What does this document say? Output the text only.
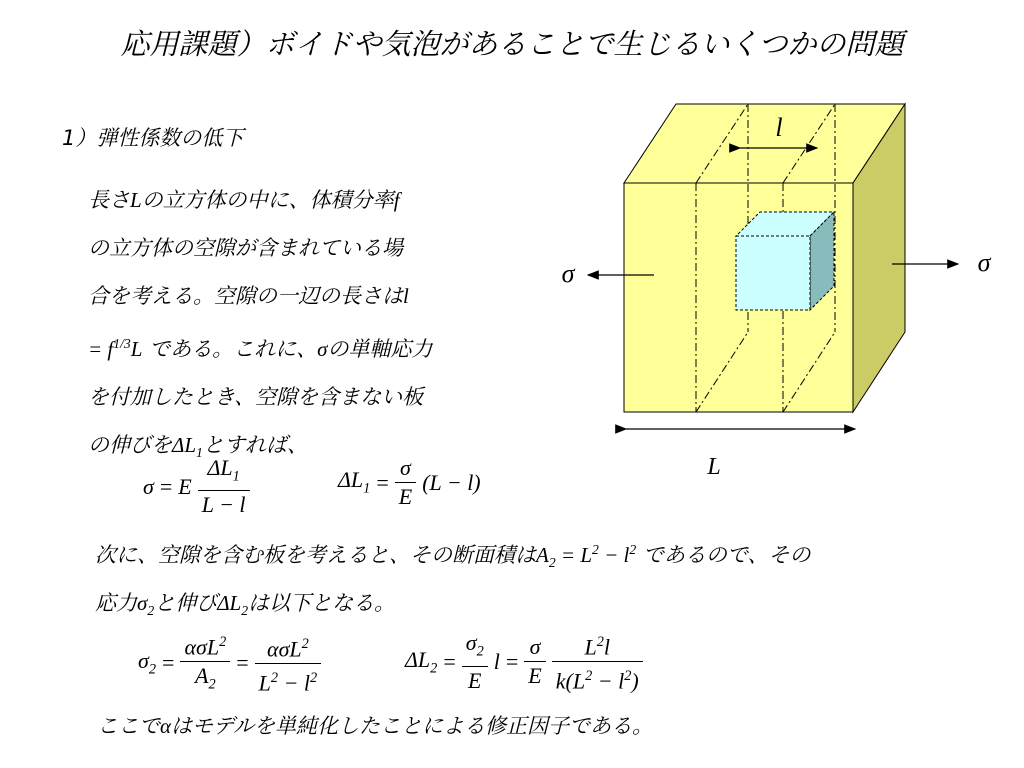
応用課題）ボイドや気泡があることで生じるいくつかの問題
1）弾性係数の低下
長さLの立方体の中に、体積分率f
の立方体の空隙が含まれている場
合を考える。空隙の一辺の長さはl
= $f^{1/3}L$ である。これに、σの単軸応力
を付加したとき、空隙を含まない板
の伸びを$\Delta L_1$とすれば、
σ = E $\frac{\Delta L_1}{L - l}$	$\Delta L_1 = \frac{\sigma}{E} (L - l)$
次に、空隙を含む板を考えると、その断面積は$A_2 = L^2 - l^2$ であるので、その
応力$\sigma_2$と伸び$\Delta L_2$は以下となる。
$\sigma_2 = \frac{\alpha\sigma L^2}{A_2} = \frac{\alpha\sigma L^2}{L^2 - l^2}$	$\Delta L_2 = \frac{\sigma_2}{E}$ $l = \frac{\sigma}{E} \frac{L^2l}{k(L^2 - l^2)}$
ここでαはモデルを単純化したことによる修正因子である。
l
L
σ	σ
